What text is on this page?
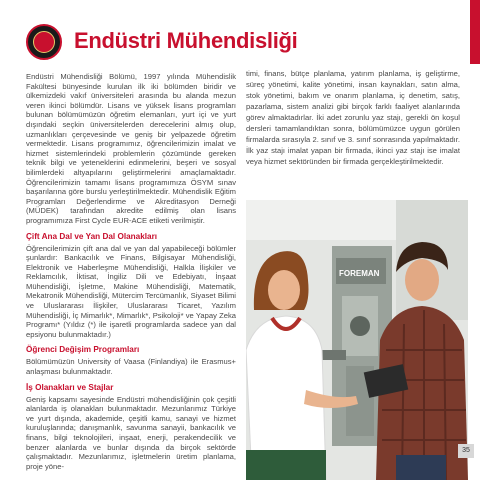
Endüstri Mühendisliği

Endüstri Mühendisliği Bölümü, 1997 yılında Mühendislik Fakültesi bünyesinde kurulan ilk iki bölümden biridir ve ülkemizdeki vakıf üniversiteleri arasında bu alanda mezun veren ikinci bölümdür. Lisans ve yüksek lisans programları bulunan bölümümüzün öğretim elemanları, yurt içi ve yurt dışındaki seçkin üniversitelerden derecelerini almış olup, uzmanlıkları çerçevesinde ve geniş bir yelpazede öğretim vermektedir. Lisans programımız, öğrencilerimizin imalat ve hizmet sistemlerindeki problemlerin çözümünde gereken teknik bilgi ve yeteneklerini edinmelerini, beşeri ve sosyal bilimlerdeki altyapılarını geliştirmelerini amaçlamaktadır. Öğrencilerimizin tamamı lisans programımıza ÖSYM sınav başarılarına göre burslu yerleştirilmektedir. Mühendislik Eğitim Programları Değerlendirme ve Akreditasyon Derneği (MÜDEK) tarafından akredite edilmiş olan lisans programımıza First Cycle EUR-ACE etiketi verilmiştir.

Çift Ana Dal ve Yan Dal Olanakları

Öğrencilerimizin çift ana dal ve yan dal yapabileceği bölümler şunlardır: Bankacılık ve Finans, Bilgisayar Mühendisliği, Elektronik ve Haberleşme Mühendisliği, Halkla İlişkiler ve Reklamcılık, İktisat, İngiliz Dili ve Edebiyatı, İnşaat Mühendisliği, İşletme, Makine Mühendisliği, Matematik, Mekatronik Mühendisliği, Mütercim Tercümanlık, Siyaset Bilimi ve Uluslararası İlişkiler, Uluslararası Ticaret, Yazılım Mühendisliği, İç Mimarlık*, Mimarlık*, Psikoloji* ve Yapay Zeka Programı* (Yıldız (*) ile işaretli programlarda sadece yan dal epsiyonu bulunmaktadır.)

Öğrenci Değişim Programları

Bölümümüzün University of Vaasa (Finlandiya) ile Erasmus+ anlaşması bulunmaktadır.

İş Olanakları ve Stajlar

Geniş kapsamı sayesinde Endüstri mühendisliğinin çok çeşitli alanlarda iş olanakları bulunmaktadır. Mezunlarımız Türkiye ve yurt dışında, akademide, çeşitli kamu, sanayi ve hizmet kuruluşlarında; danışmanlık, savunma sanayii, bankacılık ve finans, bilgi teknolojileri, inşaat, enerji, perakendecilik ve benzer alanlarda ve bunlar dışında da birçok sektörde çalışmaktadır. Mezunlarımız, işletmelerin üretim planlama, proje yöne-

timi, finans, bütçe planlama, yatırım planlama, iş geliştirme, süreç yönetimi, kalite yönetimi, insan kaynakları, satın alma, stok yönetimi, bakım ve onarım planlama, iç denetim, satış, pazarlama, sistem analizi gibi birçok farklı faaliyet alanlarında görev almaktadırlar. İki adet zorunlu yaz stajı, gerekli ön koşul dersleri tamamlandıktan sonra, bölümümüzce uygun görülen firmalarda sırasıyla 2. sınıf ve 3. sınıf sonrasında yapılmaktadır. İlk yaz stajı imalat yapan bir firmada, ikinci yaz stajı ise imalat veya hizmet sektöründen bir firmada gerçekleştirilmektedir.

FOREMAN
35
